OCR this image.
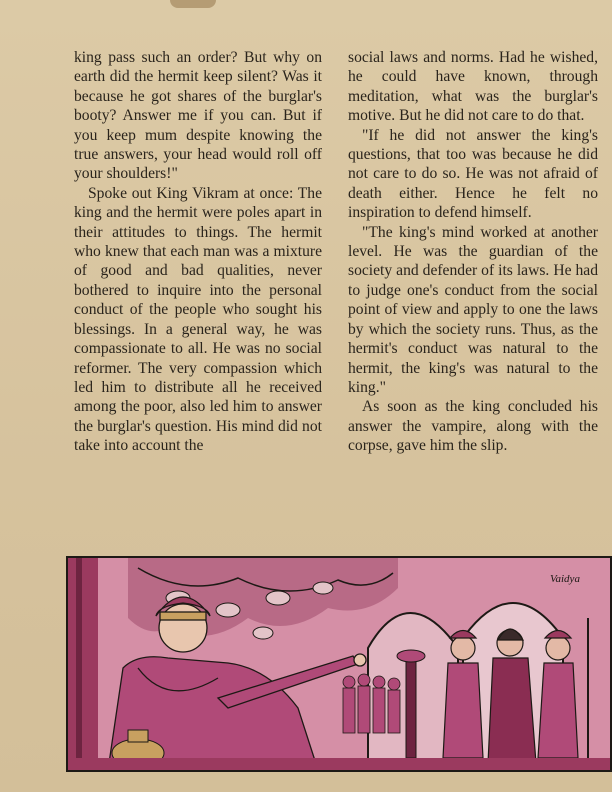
king pass such an order? But why on earth did the hermit keep silent? Was it because he got shares of the burglar's booty? Answer me if you can. But if you keep mum despite knowing the true answers, your head would roll off your shoulders!"

Spoke out King Vikram at once: The king and the hermit were poles apart in their attitudes to things. The hermit who knew that each man was a mixture of good and bad qualities, never bothered to inquire into the personal conduct of the people who sought his blessings. In a general way, he was compassionate to all. He was no social reformer. The very compassion which led him to distribute all he received among the poor, also led him to answer the burglar's question. His mind did not take into account the

social laws and norms. Had he wished, he could have known, through meditation, what was the burglar's motive. But he did not care to do that.

"If he did not answer the king's questions, that too was because he did not care to do so. He was not afraid of death either. Hence he felt no inspiration to defend himself.

"The king's mind worked at another level. He was the guardian of the society and defender of its laws. He had to judge one's conduct from the social point of view and apply to one the laws by which the society runs. Thus, as the hermit's conduct was natural to the hermit, the king's was natural to the king."

As soon as the king concluded his answer the vampire, along with the corpse, gave him the slip.

Vaidya
